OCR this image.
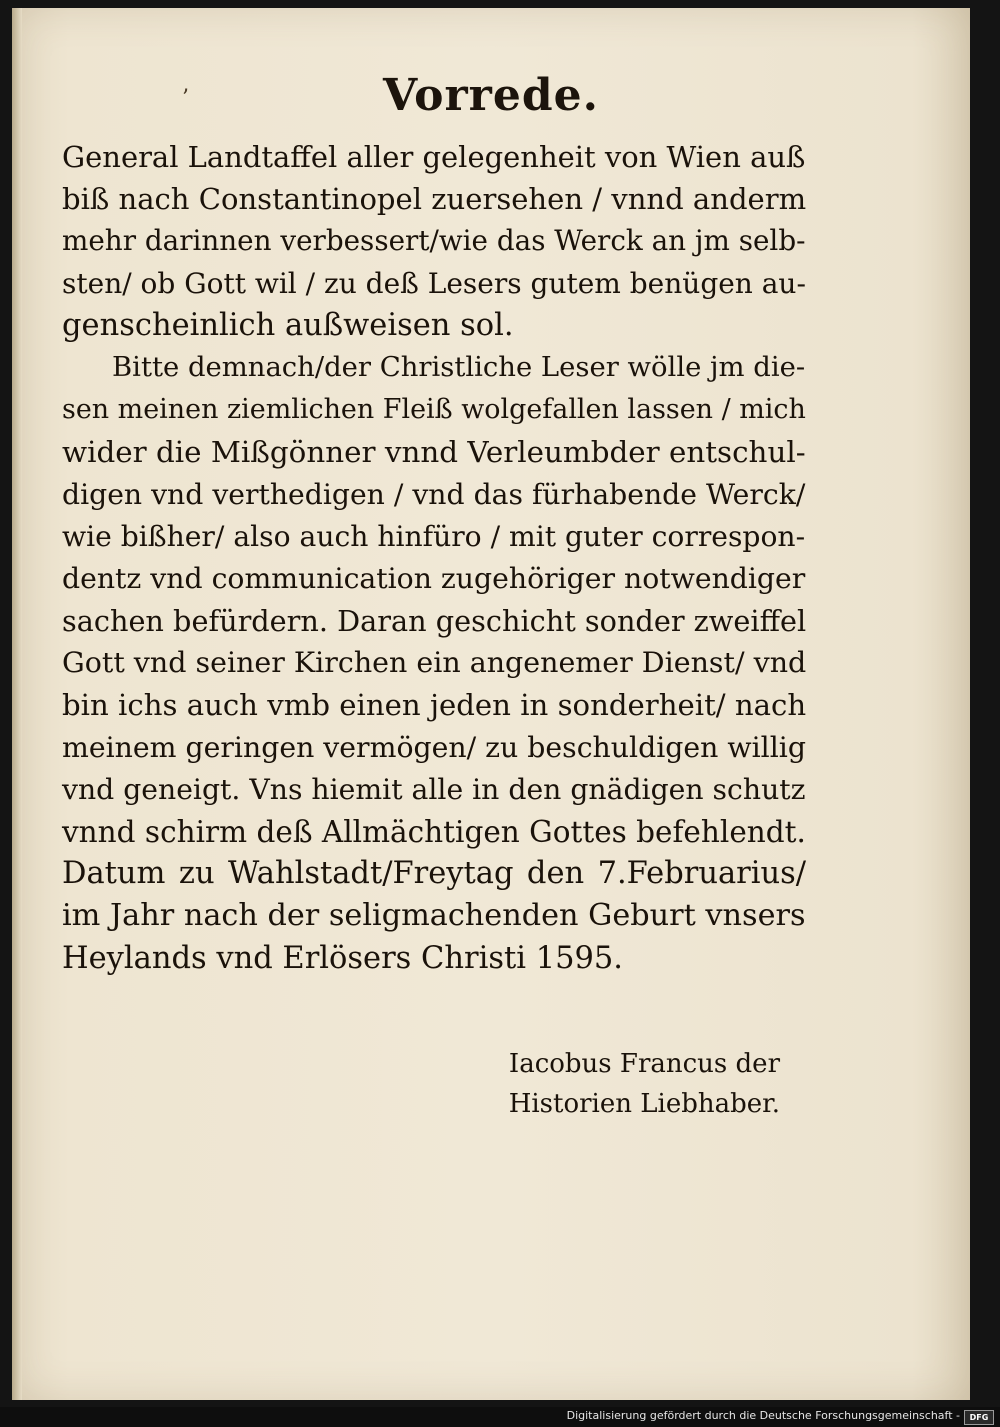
Vorrede.
’
General Landtaffel aller gelegenheit von Wien auß
biß nach Constantinopel zuersehen / vnnd anderm
mehr darinnen verbessert/wie das Werck an jm selb-
sten/ ob Gott wil / zu deß Lesers gutem benügen au-
genscheinlich außweisen sol.
Bitte demnach/der Christliche Leser wölle jm die-
sen meinen ziemlichen Fleiß wolgefallen lassen / mich
wider die Mißgönner vnnd Verleumbder entschul-
digen vnd verthedigen / vnd das fürhabende Werck/
wie bißher/ also auch hinfüro / mit guter correspon-
dentz vnd communication zugehöriger notwendiger
sachen befürdern. Daran geschicht sonder zweiffel
Gott vnd seiner Kirchen ein angenemer Dienst/ vnd
bin ichs auch vmb einen jeden in sonderheit/ nach
meinem geringen vermögen/ zu beschuldigen willig
vnd geneigt. Vns hiemit alle in den gnädigen schutz
vnnd schirm deß Allmächtigen Gottes befehlendt.
Datum zu Wahlstadt/Freytag den 7.Februarius/
im Jahr nach der seligmachenden Geburt vnsers
Heylands vnd Erlösers Christi 1595.
Iacobus Francus der
Historien Liebhaber.
Digitalisierung gefördert durch die Deutsche Forschungsgemeinschaft -	DFG
